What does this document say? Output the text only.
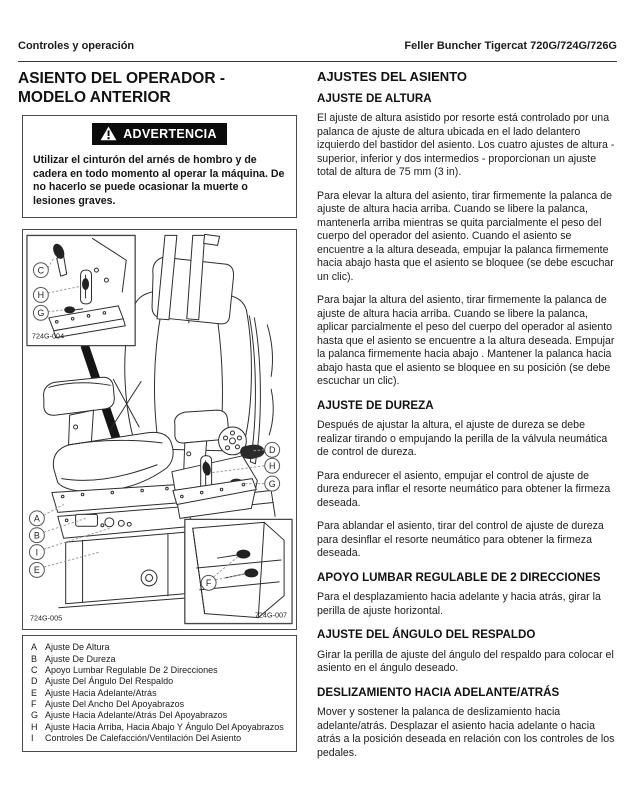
Controles y operación	Feller Buncher Tigercat 720G/724G/726G
ASIENTO DEL OPERADOR -
MODELO ANTERIOR
ADVERTENCIA
Utilizar el cinturón del arnés de hombro y de cadera en todo momento al operar la máquina. De no hacerlo se puede ocasionar la muerte o lesiones graves.
C
H
G
D
H
G
A
B
I
E
F
724G-004
724G-005	724G-007
A Ajuste De Altura
B Ajuste De Dureza
C Apoyo Lumbar Regulable De 2 Direcciones
D Ajuste Del Ángulo Del Respaldo
E Ajuste Hacia Adelante/Atrás
F Ajuste Del Ancho Del Apoyabrazos
G Ajuste Hacia Adelante/Atrás Del Apoyabrazos
H Ajuste Hacia Arriba, Hacia Abajo Y Ángulo Del Apoyabrazos
I	Controles De Calefacción/Ventilación Del Asiento
AJUSTES DEL ASIENTO
AJUSTE DE ALTURA

El ajuste de altura asistido por resorte está controlado por una palanca de ajuste de altura ubicada en el lado delantero izquierdo del bastidor del asiento. Los cuatro ajustes de altura - superior, inferior y dos intermedios - proporcionan un ajuste total de altura de 75 mm (3 in).

Para elevar la altura del asiento, tirar firmemente la palanca de ajuste de altura hacia arriba. Cuando se libere la palanca, mantenerla arriba mientras se quita parcialmente el peso del cuerpo del operador del asiento. Cuando el asiento se encuentre a la altura deseada, empujar la palanca firmemente hacia abajo hasta que el asiento se bloquee (se debe escuchar un clic).

Para bajar la altura del asiento, tirar firmemente la palanca de ajuste de altura hacia arriba. Cuando se libere la palanca, aplicar parcialmente el peso del cuerpo del operador al asiento hasta que el asiento se encuentre a la altura deseada. Empujar la palanca firmemente hacia abajo . Mantener la palanca hacia abajo hasta que el asiento se bloquee en su posición (se debe escuchar un clic).

AJUSTE DE DUREZA

Después de ajustar la altura, el ajuste de dureza se debe realizar tirando o empujando la perilla de la válvula neumática de control de dureza.

Para endurecer el asiento, empujar el control de ajuste de dureza para inflar el resorte neumático para obtener la firmeza deseada.

Para ablandar el asiento, tirar del control de ajuste de dureza para desinflar el resorte neumático para obtener la firmeza deseada.

APOYO LUMBAR REGULABLE DE 2 DIRECCIONES

Para el desplazamiento hacia adelante y hacia atrás, girar la perilla de ajuste horizontal.

AJUSTE DEL ÁNGULO DEL RESPALDO

Girar la perilla de ajuste del ángulo del respaldo para colocar el asiento en el ángulo deseado.

DESLIZAMIENTO HACIA ADELANTE/ATRÁS

Mover y sostener la palanca de deslizamiento hacia adelante/atrás. Desplazar el asiento hacia adelante o hacia atrás a la posición deseada en relación con los controles de los pedales.
